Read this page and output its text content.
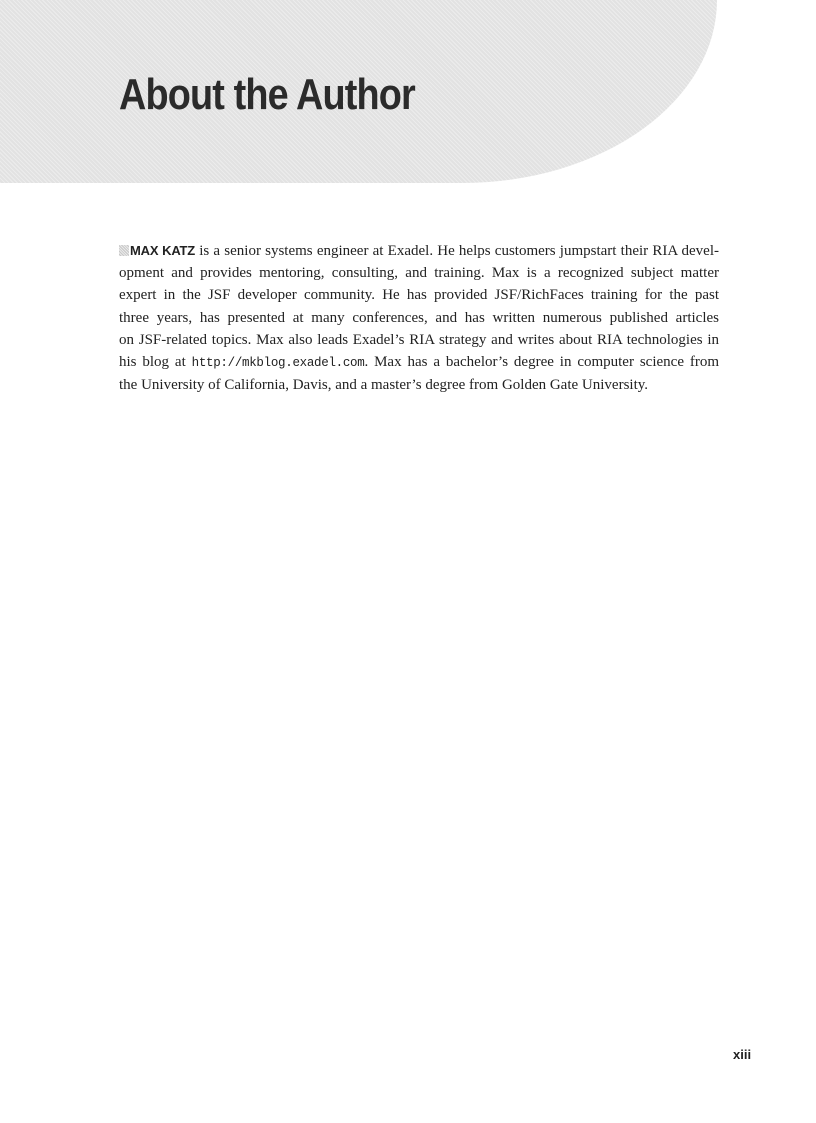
About the Author
MAX KATZ is a senior systems engineer at Exadel. He helps customers jumpstart their RIA devel-
opment and provides mentoring, consulting, and training. Max is a recognized subject matter
expert in the JSF developer community. He has provided JSF/RichFaces training for the past
three years, has presented at many conferences, and has written numerous published articles
on JSF-related topics. Max also leads Exadel’s RIA strategy and writes about RIA technologies in
his blog at http://mkblog.exadel.com. Max has a bachelor’s degree in computer science from
the University of California, Davis, and a master’s degree from Golden Gate University.

xiii
